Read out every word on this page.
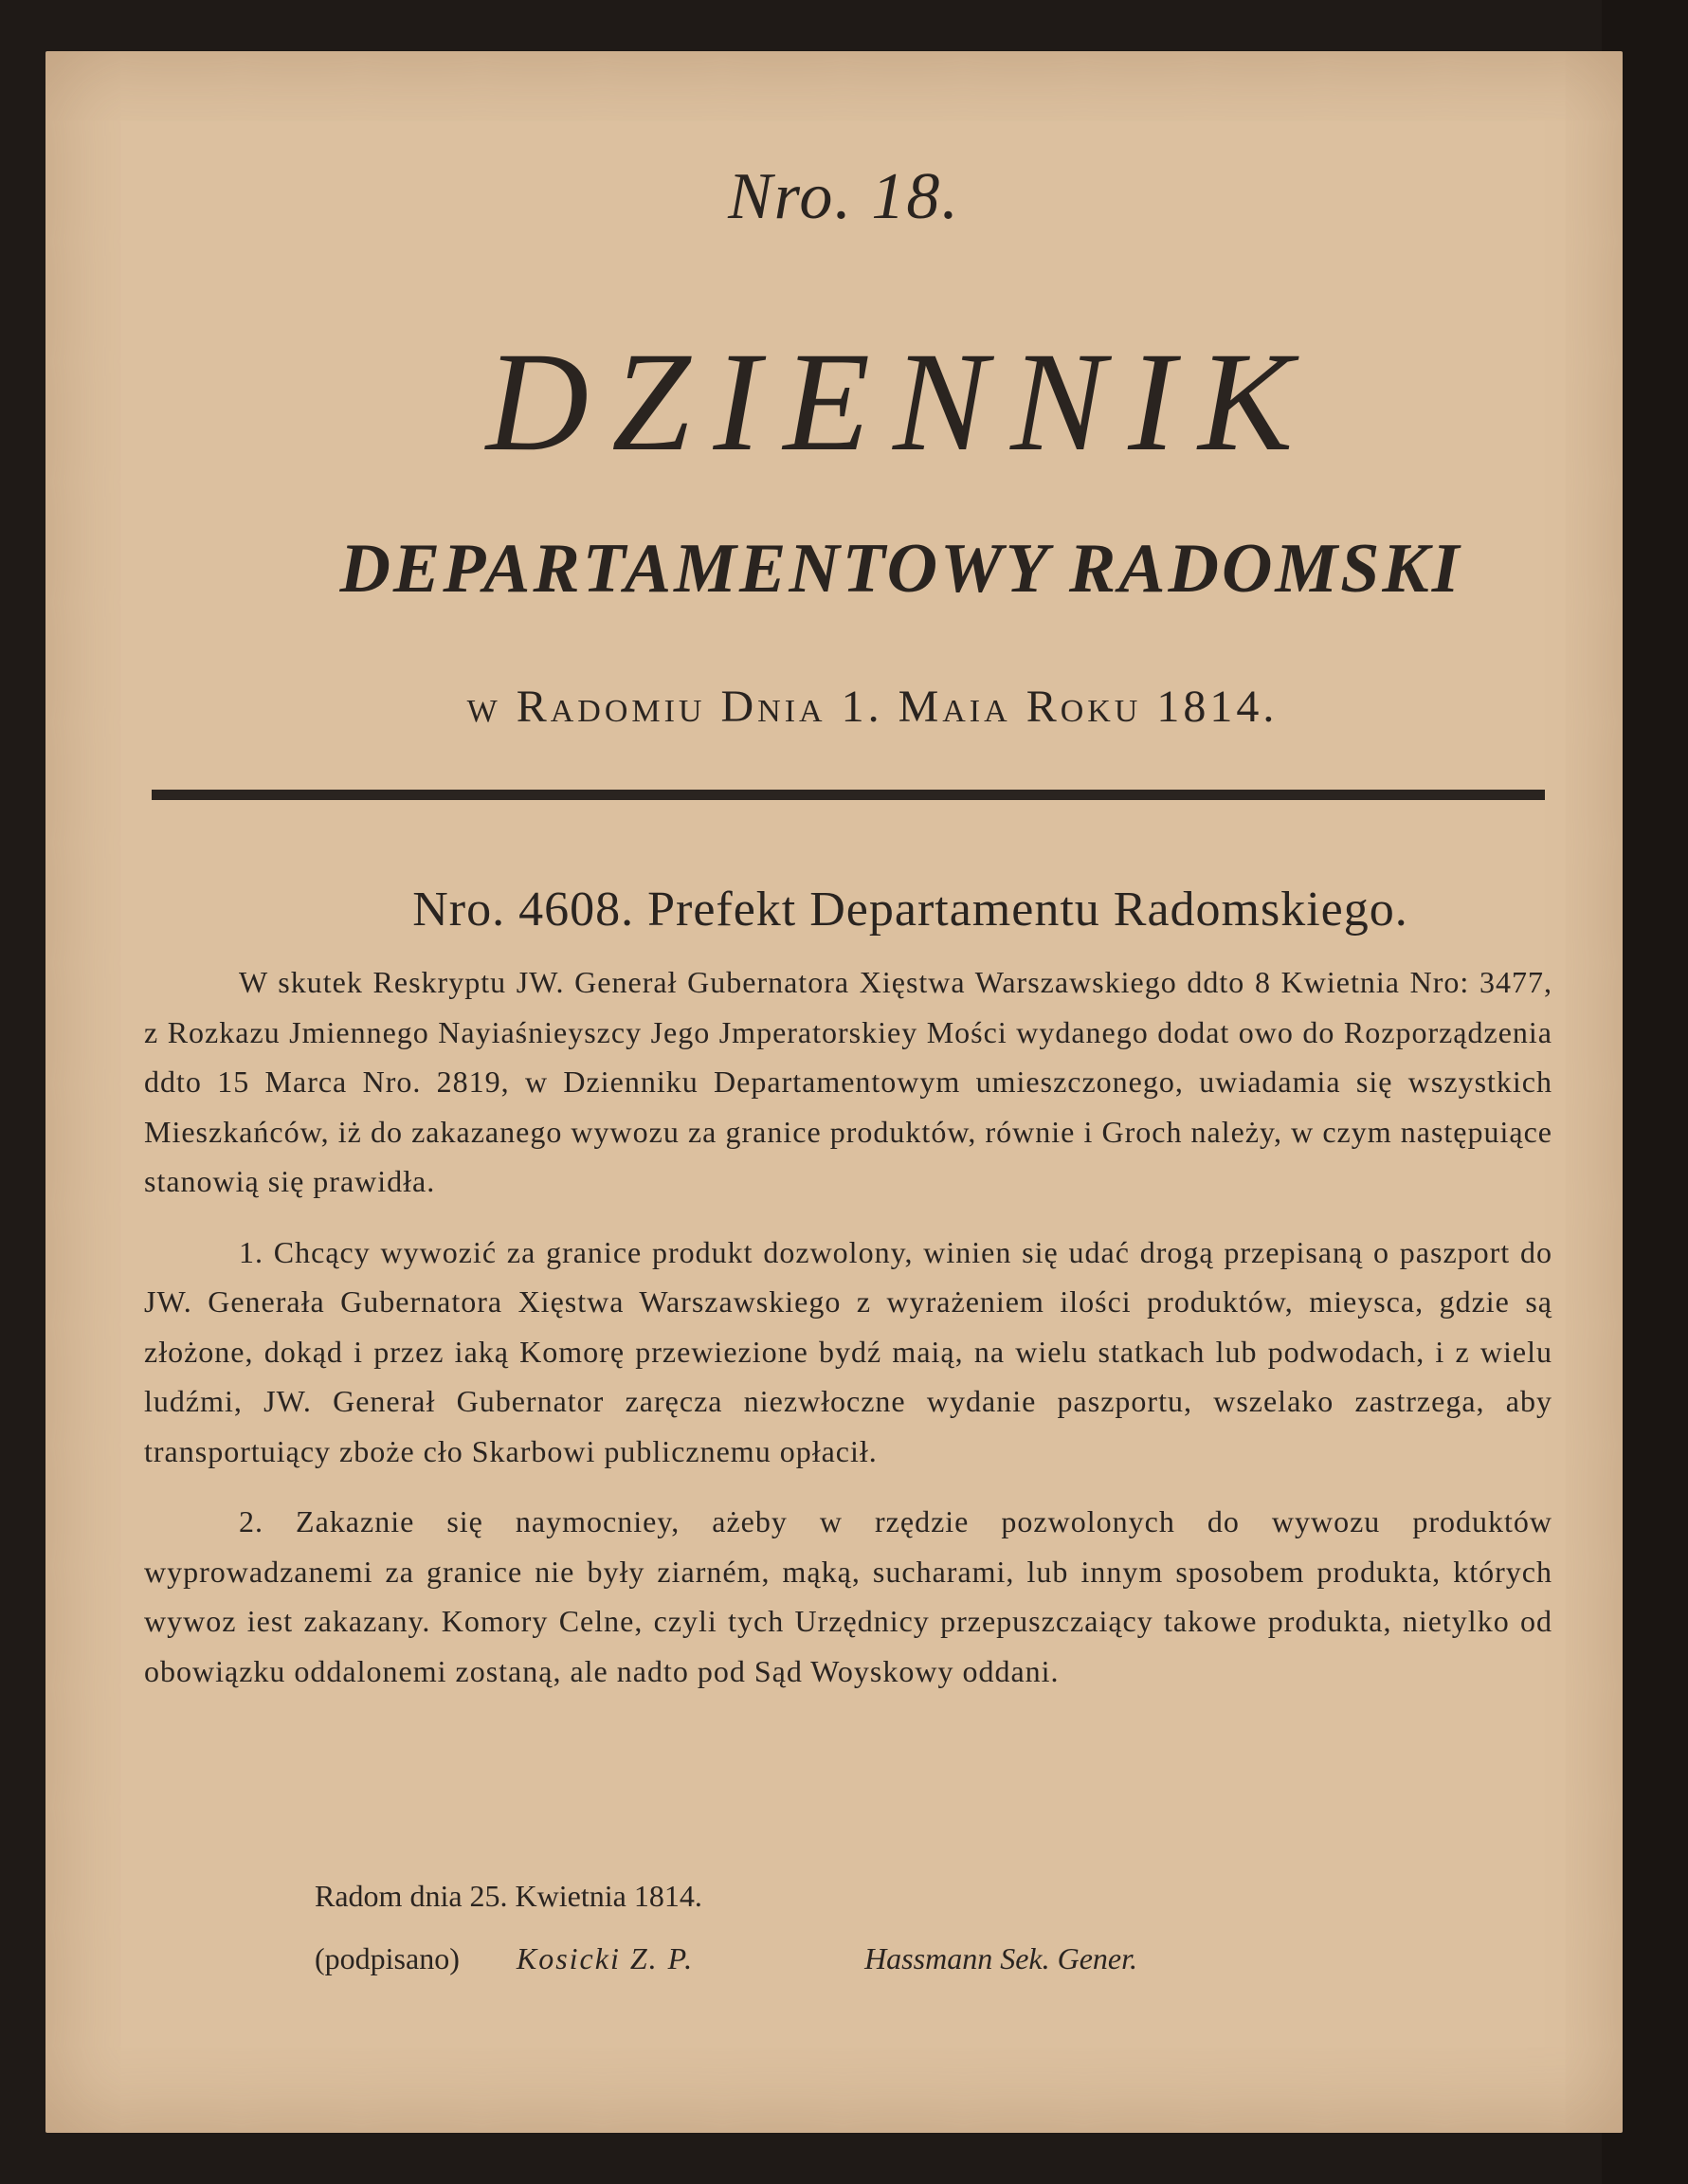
Nro. 18.
DZIENNIK
DEPARTAMENTOWY RADOMSKI
w Radomiu Dnia 1. Maia Roku 1814.
Nro. 4608. Prefekt Departamentu Radomskiego.

W skutek Reskryptu JW. Generał Gubernatora Xięstwa Warszawskiego ddto 8 Kwietnia Nro: 3477, z Rozkazu Jmiennego Nayiaśnieyszcy Jego Jmperatorskiey Mości wydanego dodat owo do Rozporządzenia ddto 15 Marca Nro. 2819, w Dzienniku Departamentowym umieszczonego, uwiadamia się wszystkich Mieszkańców, iż do zakazanego wywozu za granice produktów, równie i Groch należy, w czym następuiące stanowią się prawidła.

1. Chcący wywozić za granice produkt dozwolony, winien się udać drogą przepisaną o paszport do JW. Generała Gubernatora Xięstwa Warszawskiego z wyrażeniem ilości produktów, mieysca, gdzie są złożone, dokąd i przez iaką Komorę przewiezione bydź maią, na wielu statkach lub podwodach, i z wielu ludźmi, JW. Generał Gubernator zaręcza niezwłoczne wydanie paszportu, wszelako zastrzega, aby transportuiący zboże cło Skarbowi publicznemu opłacił.

2. Zakaznie się naymocniey, ażeby w rzędzie pozwolonych do wywozu produktów wyprowadzanemi za granice nie były ziarném, mąką, sucharami, lub innym sposobem produkta, których wywoz iest zakazany. Komory Celne, czyli tych Urzędnicy przepuszczaiący takowe produkta, nietylko od obowiązku oddalonemi zostaną, ale nadto pod Sąd Woyskowy oddani.

Radom dnia 25. Kwietnia 1814.
(podpisano) Kosicki Z. P.	Hassmann Sek. Gener.
